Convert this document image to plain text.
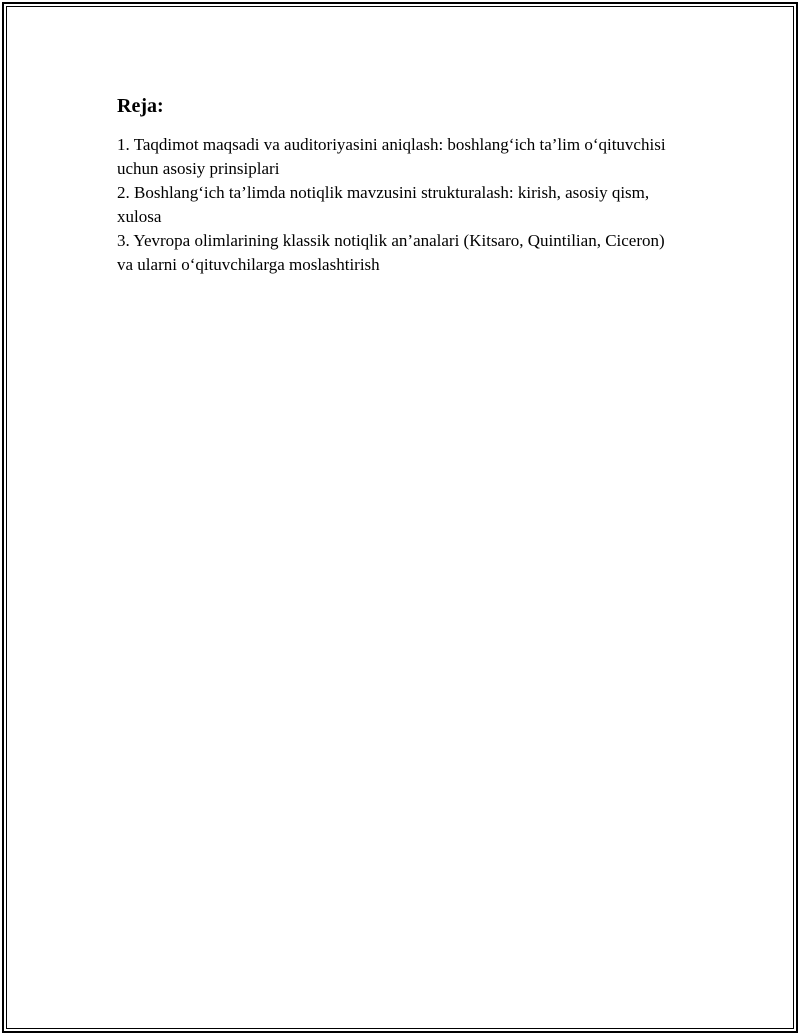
Reja:
1. Taqdimot maqsadi va auditoriyasini aniqlash: boshlang‘ich ta’lim o‘qituvchisi uchun asosiy prinsiplari
2. Boshlang‘ich ta’limda notiqlik mavzusini strukturalash: kirish, asosiy qism, xulosa
3. Yevropa olimlarining klassik notiqlik an’analari (Kitsaro, Quintilian, Ciceron) va ularni o‘qituvchilarga moslashtirish
